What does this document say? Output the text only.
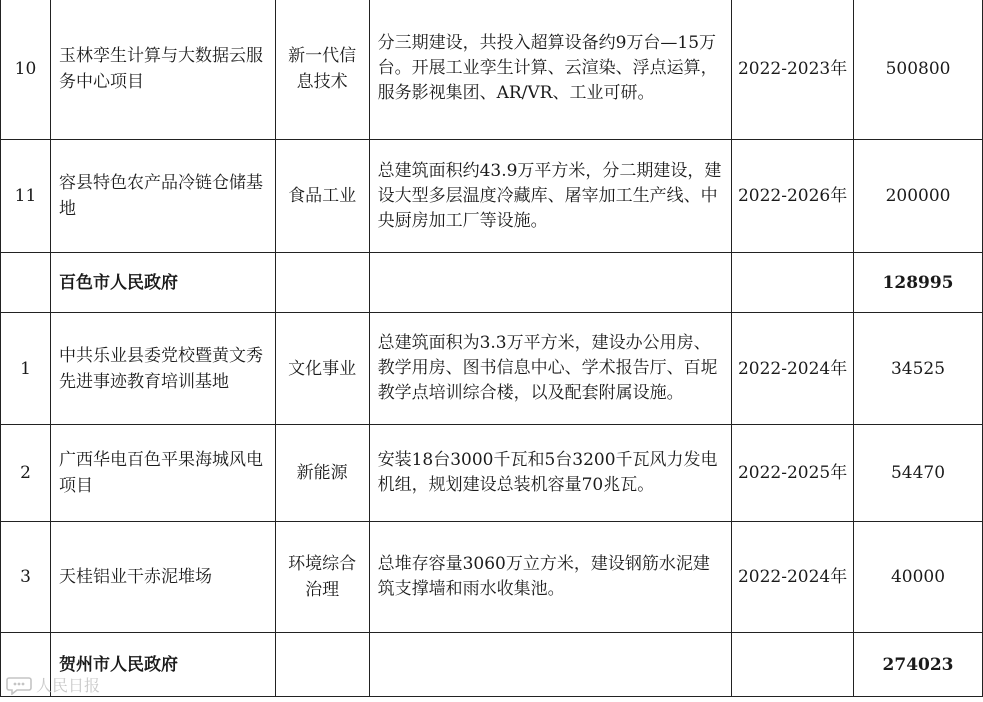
10	玉林孪生计算与大数据云服务中心项目	新一代信息技术	分三期建设，共投入超算设备约9万台—15万台。开展工业孪生计算、云渲染、浮点运算，服务影视集团、AR/VR、工业可研。	2022-2023年	500800
11	容县特色农产品冷链仓储基地	食品工业	总建筑面积约43.9万平方米，分二期建设，建设大型多层温度冷藏库、屠宰加工生产线、中央厨房加工厂等设施。	2022-2026年	200000
	百色市人民政府				128995
1	中共乐业县委党校暨黄文秀先进事迹教育培训基地	文化事业	总建筑面积为3.3万平方米，建设办公用房、教学用房、图书信息中心、学术报告厅、百坭教学点培训综合楼，以及配套附属设施。	2022-2024年	34525
2	广西华电百色平果海城风电项目	新能源	安装18台3000千瓦和5台3200千瓦风力发电机组，规划建设总装机容量70兆瓦。	2022-2025年	54470
3	天桂铝业干赤泥堆场	环境综合治理	总堆存容量3060万立方米，建设钢筋水泥建筑支撑墙和雨水收集池。	2022-2024年	40000
	贺州市人民政府				274023
人民日报
